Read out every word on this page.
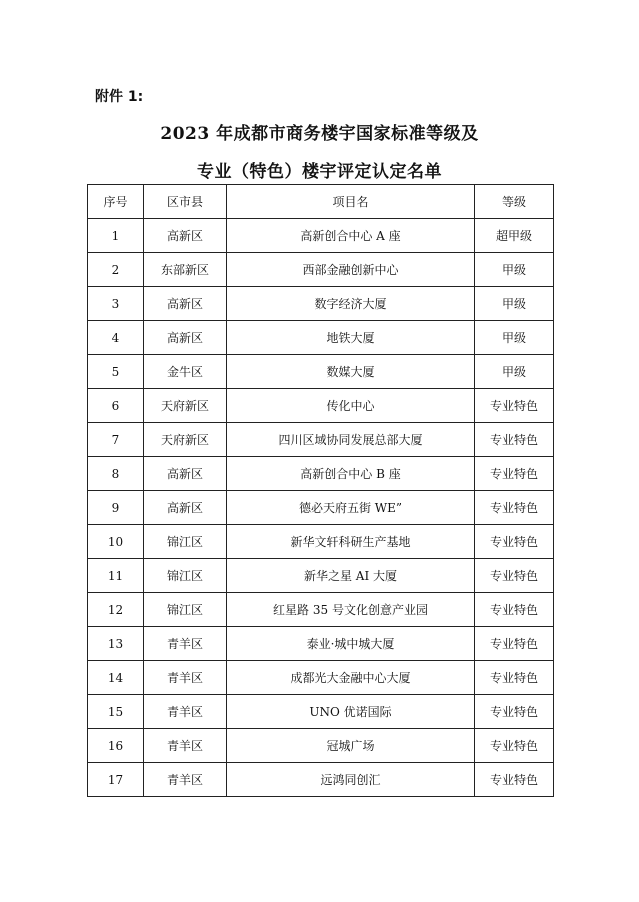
附件 1:
2023 年成都市商务楼宇国家标准等级及
专业（特色）楼宇评定认定名单
序号	区市县	项目名	等级
1	高新区	高新创合中心 A 座	超甲级
2	东部新区	西部金融创新中心	甲级
3	高新区	数字经济大厦	甲级
4	高新区	地铁大厦	甲级
5	金牛区	数媒大厦	甲级
6	天府新区	传化中心	专业特色
7	天府新区	四川区域协同发展总部大厦	专业特色
8	高新区	高新创合中心 B 座	专业特色
9	高新区	德必天府五街 WE”	专业特色
10	锦江区	新华文轩科研生产基地	专业特色
11	锦江区	新华之星 AI 大厦	专业特色
12	锦江区	红星路 35 号文化创意产业园	专业特色
13	青羊区	泰业·城中城大厦	专业特色
14	青羊区	成都光大金融中心大厦	专业特色
15	青羊区	UNO 优诺国际	专业特色
16	青羊区	冠城广场	专业特色
17	青羊区	远鸿同创汇	专业特色
